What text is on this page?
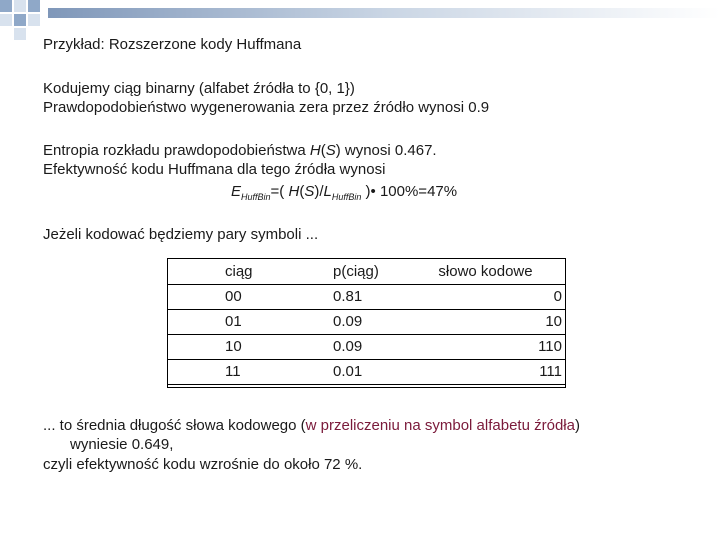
Przykład: Rozszerzone kody Huffmana
Kodujemy ciąg binarny (alfabet źródła to {0, 1})
Prawdopodobieństwo wygenerowania zera przez źródło wynosi 0.9
Entropia rozkładu prawdopodobieństwa H(S) wynosi 0.467.
Efektywność kodu Huffmana dla tego źródła wynosi
$E_{HuffBin}=$( $H(S)/L_{HuffBin}$ )• 100%=47%
Jeżeli kodować będziemy pary symboli ...
ciąg	p(ciąg)	słowo kodowe
00	0.81	0
01	0.09	10
10	0.09	110
11	0.01	111
... to średnia długość słowa kodowego (w przeliczeniu na symbol alfabetu źródła)
wyniesie 0.649,
czyli efektywność kodu wzrośnie do około 72 %.
